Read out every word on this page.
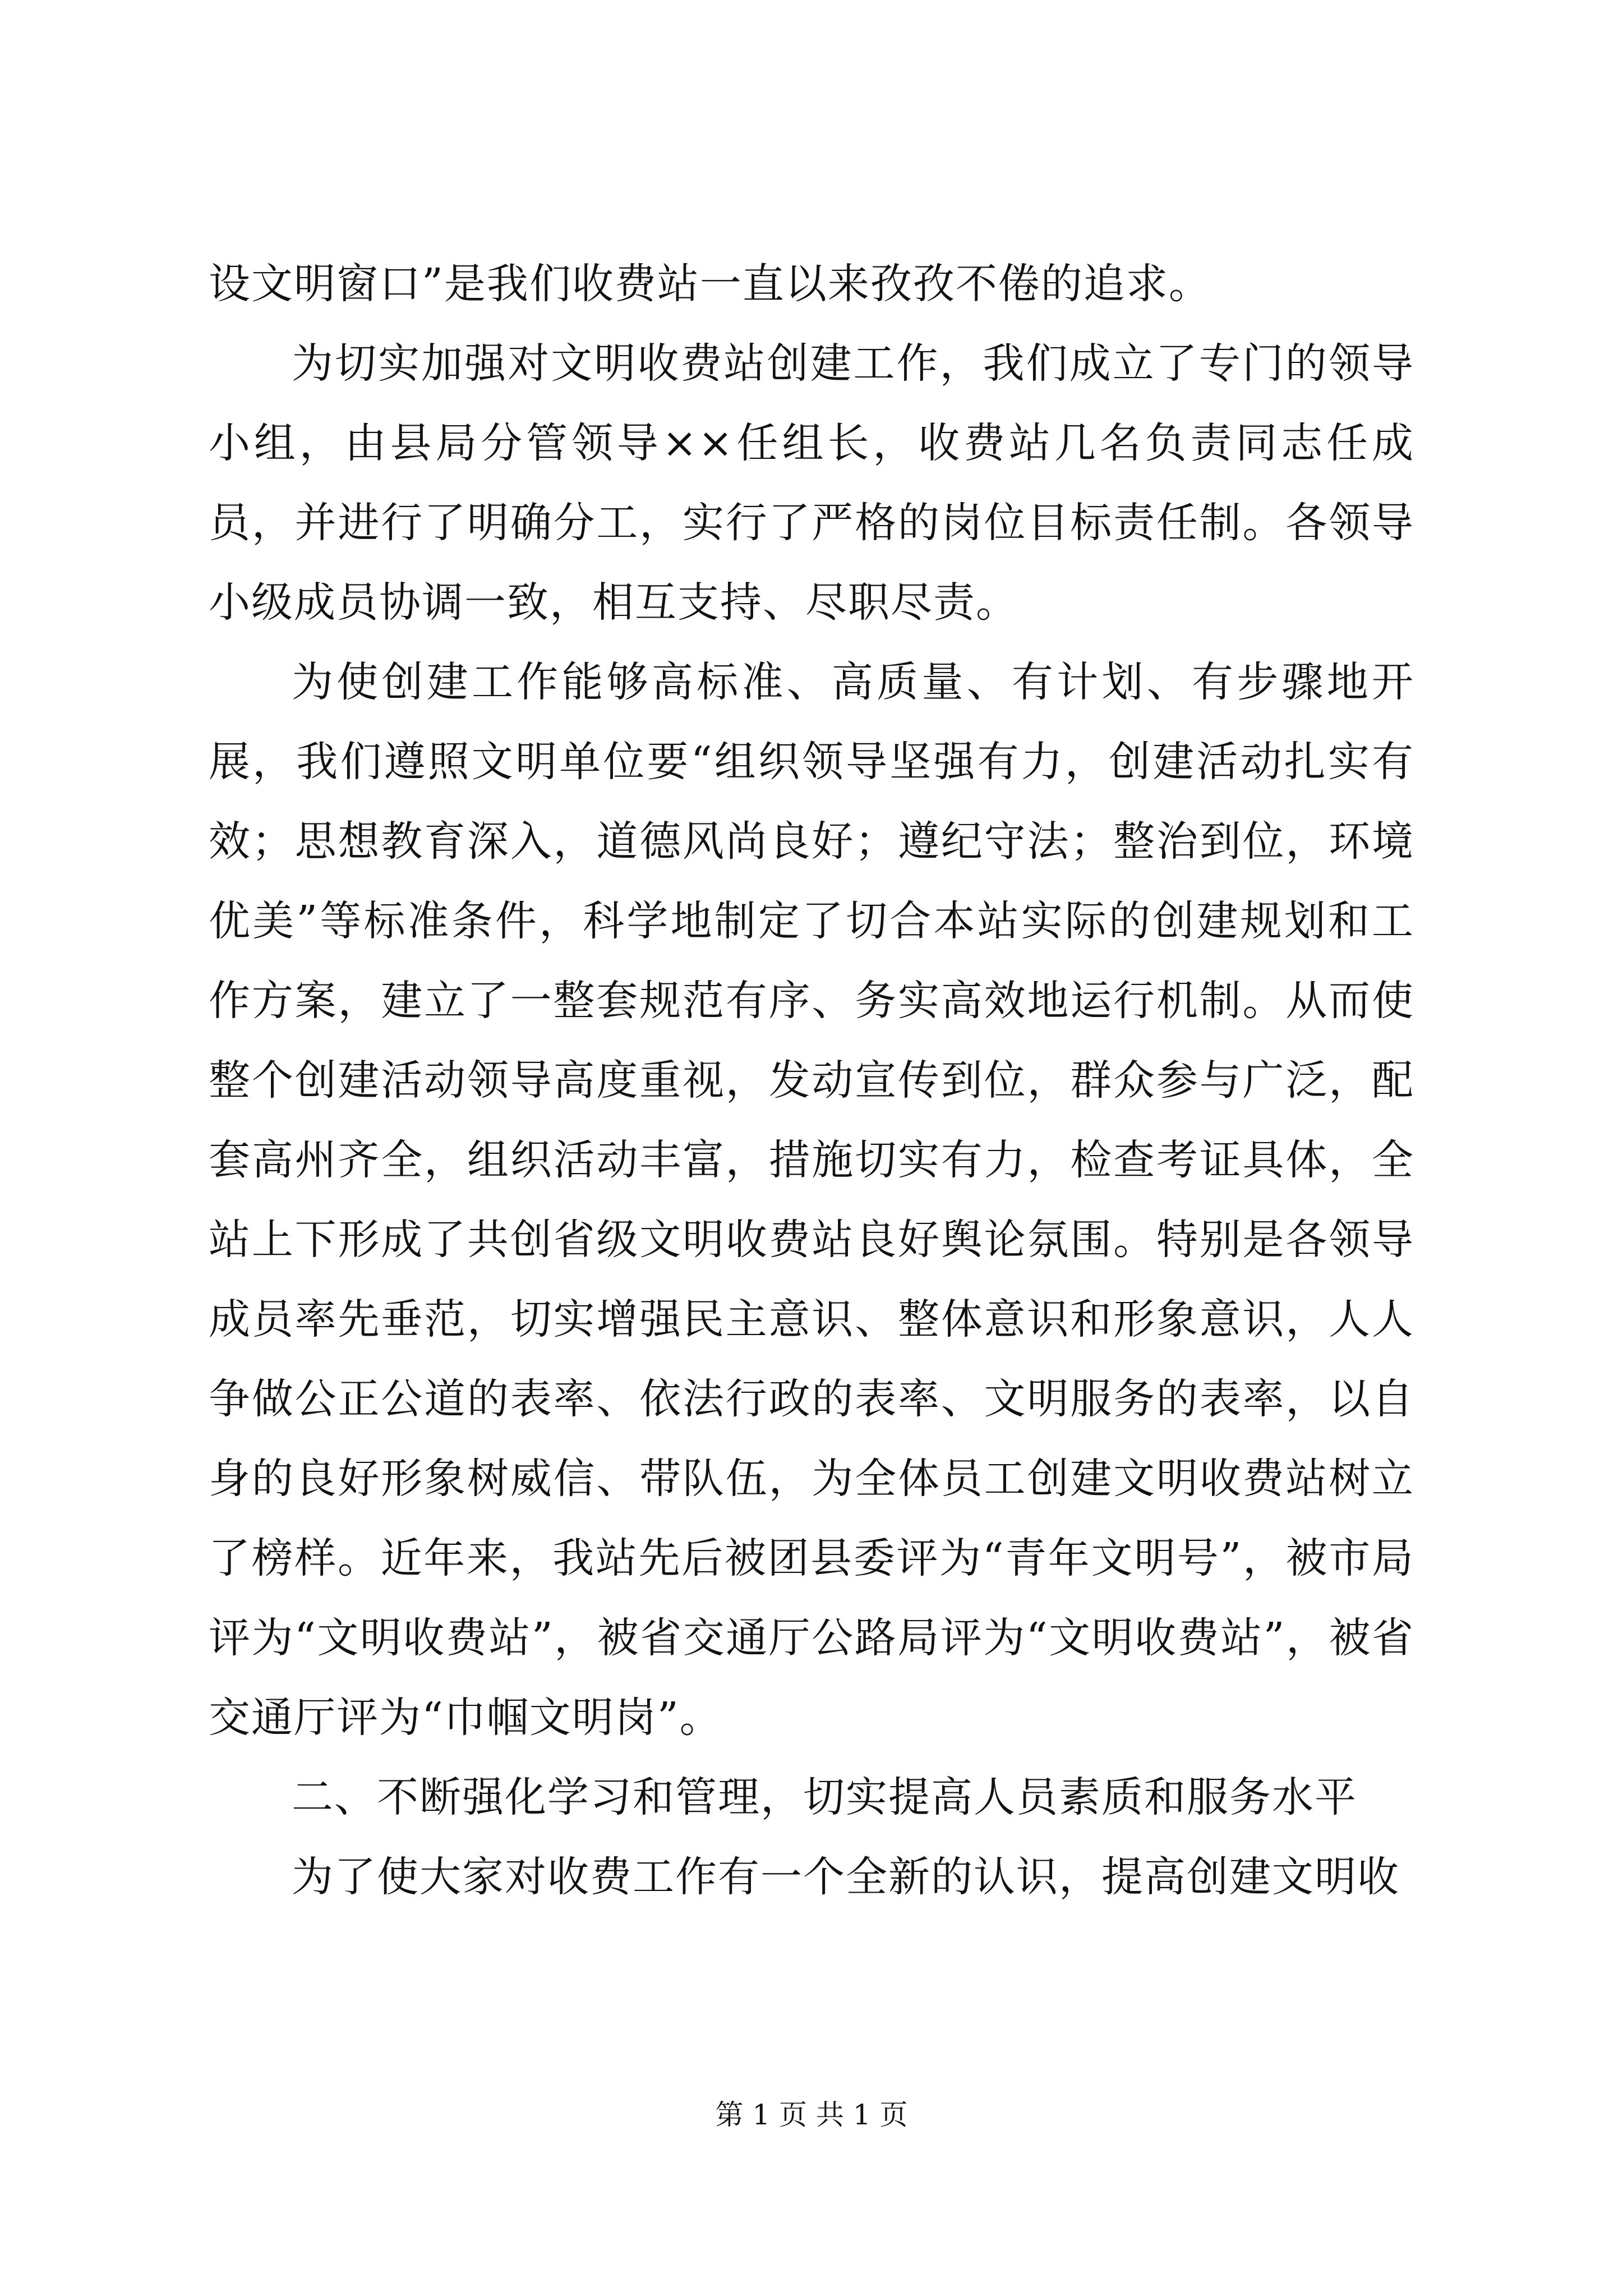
设文明窗口”是我们收费站一直以来孜孜不倦的追求。

为切实加强对文明收费站创建工作，我们成立了专门的领导小组，由县局分管领导××任组长，收费站几名负责同志任成员，并进行了明确分工，实行了严格的岗位目标责任制。各领导小级成员协调一致，相互支持、尽职尽责。

为使创建工作能够高标准、高质量、有计划、有步骤地开展，我们遵照文明单位要“组织领导坚强有力，创建活动扎实有效；思想教育深入，道德风尚良好；遵纪守法；整治到位，环境优美”等标准条件，科学地制定了切合本站实际的创建规划和工作方案，建立了一整套规范有序、务实高效地运行机制。从而使整个创建活动领导高度重视，发动宣传到位，群众参与广泛，配套高州齐全，组织活动丰富，措施切实有力，检查考证具体，全站上下形成了共创省级文明收费站良好舆论氛围。特别是各领导成员率先垂范，切实增强民主意识、整体意识和形象意识，人人争做公正公道的表率、依法行政的表率、文明服务的表率，以自身的良好形象树威信、带队伍，为全体员工创建文明收费站树立了榜样。近年来，我站先后被团县委评为“青年文明号”，被市局评为“文明收费站”，被省交通厅公路局评为“文明收费站”，被省交通厅评为“巾帼文明岗”。

二、不断强化学习和管理，切实提高人员素质和服务水平

为了使大家对收费工作有一个全新的认识，提高创建文明收

第 1 页 共 1 页
